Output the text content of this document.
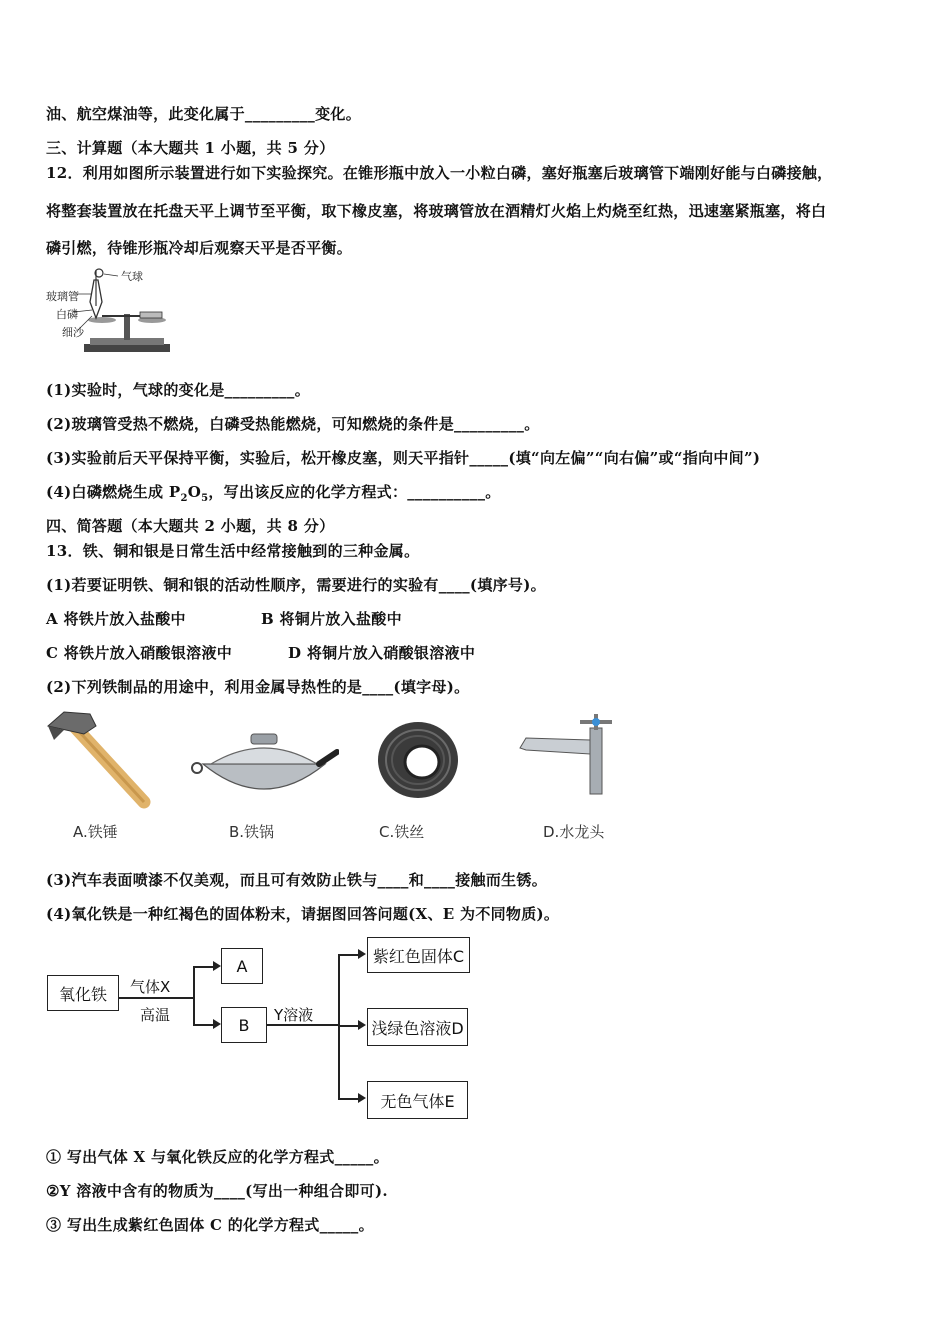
油、航空煤油等，此变化属于_________变化。
三、计算题（本大题共 1 小题，共 5 分）
12．利用如图所示装置进行如下实验探究。在锥形瓶中放入一小粒白磷，塞好瓶塞后玻璃管下端刚好能与白磷接触，
将整套装置放在托盘天平上调节至平衡，取下橡皮塞，将玻璃管放在酒精灯火焰上灼烧至红热，迅速塞紧瓶塞，将白
磷引燃，待锥形瓶冷却后观察天平是否平衡。
气球
玻璃管
白磷
细沙
(1)实验时，气球的变化是_________。
(2)玻璃管受热不燃烧，白磷受热能燃烧，可知燃烧的条件是_________。
(3)实验前后天平保持平衡，实验后，松开橡皮塞，则天平指针_____(填“向左偏”“向右偏”或“指向中间”)
(4)白磷燃烧生成 $P_2O_5$，写出该反应的化学方程式：__________。
四、简答题（本大题共 2 小题，共 8 分）
13．铁、铜和银是日常生活中经常接触到的三种金属。
(1)若要证明铁、铜和银的活动性顺序，需要进行的实验有____(填序号)。
A 将铁片放入盐酸中	B 将铜片放入盐酸中
C 将铁片放入硝酸银溶液中	D 将铜片放入硝酸银溶液中
(2)下列铁制品的用途中，利用金属导热性的是____(填字母)。
A.铁锤	B.铁锅	C.铁丝	D.水龙头
(3)汽车表面喷漆不仅美观，而且可有效防止铁与____和____接触而生锈。
(4)氧化铁是一种红褐色的固体粉末，请据图回答问题(X、E 为不同物质)。
氧化铁	气体X
高温
A
B
Y溶液
紫红色固体C
浅绿色溶液D
无色气体E
① 写出气体 X 与氧化铁反应的化学方程式_____。
②Y 溶液中含有的物质为____(写出一种组合即可).
③ 写出生成紫红色固体 C 的化学方程式_____。
